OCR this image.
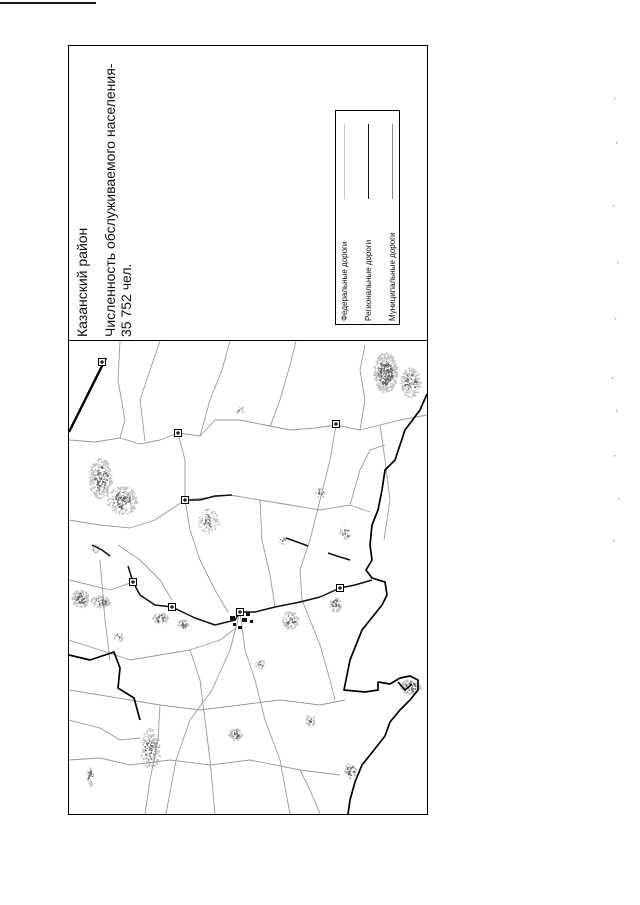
Казанский район Численность обслуживаемого населения- 35 752 чел.	Федеральные дороги Региональные дороги Муниципальные дороги
